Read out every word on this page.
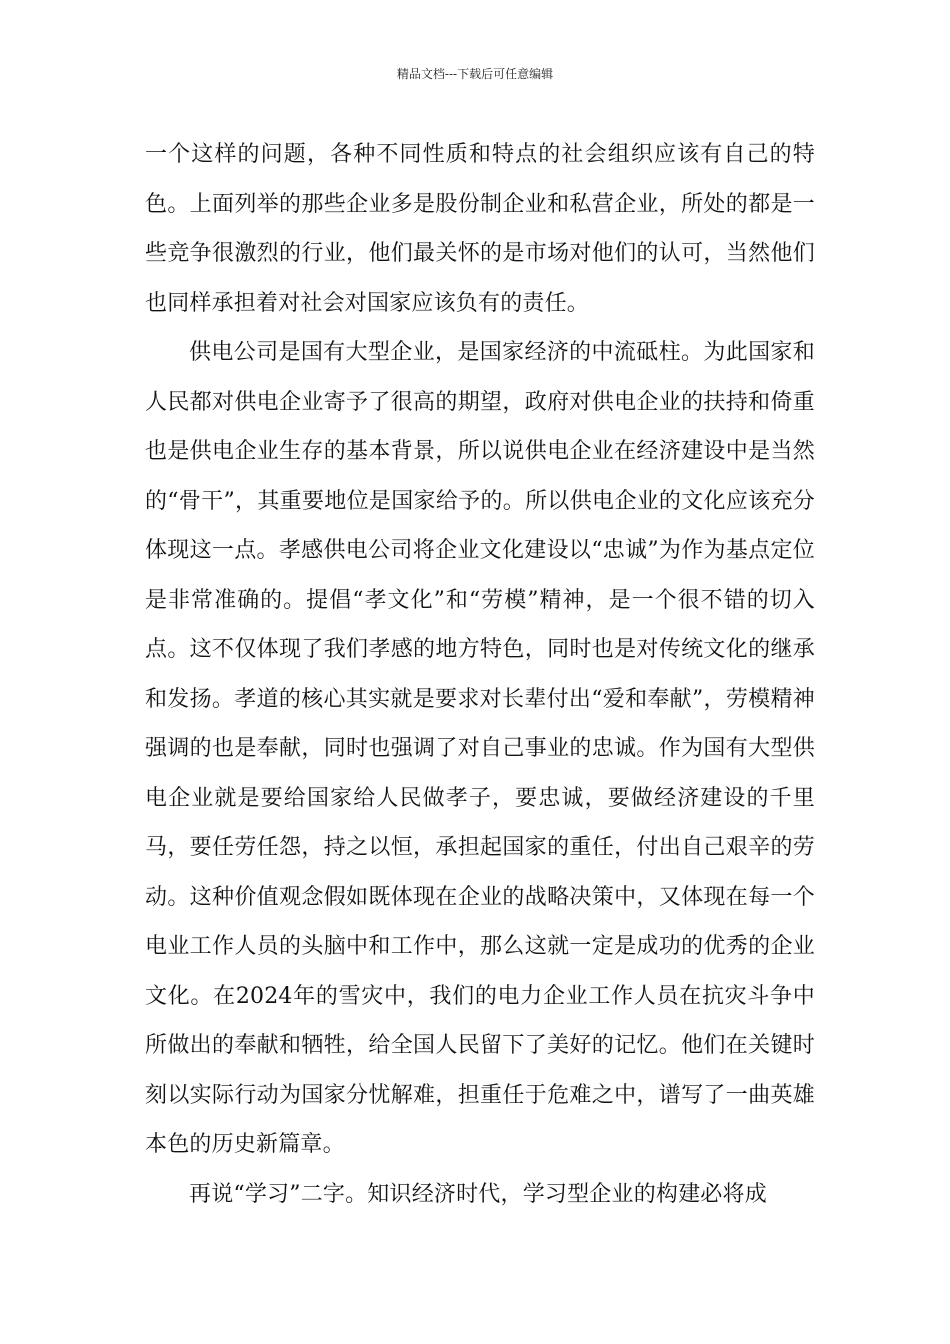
精品文档---下载后可任意编辑

一个这样的问题，各种不同性质和特点的社会组织应该有自己的特色。上面列举的那些企业多是股份制企业和私营企业，所处的都是一些竞争很激烈的行业，他们最关怀的是市场对他们的认可，当然他们也同样承担着对社会对国家应该负有的责任。

供电公司是国有大型企业，是国家经济的中流砥柱。为此国家和人民都对供电企业寄予了很高的期望，政府对供电企业的扶持和倚重也是供电企业生存的基本背景，所以说供电企业在经济建设中是当然的“骨干”，其重要地位是国家给予的。所以供电企业的文化应该充分体现这一点。孝感供电公司将企业文化建设以“忠诚”为作为基点定位是非常准确的。提倡“孝文化”和“劳模”精神，是一个很不错的切入点。这不仅体现了我们孝感的地方特色，同时也是对传统文化的继承和发扬。孝道的核心其实就是要求对长辈付出“爱和奉献”，劳模精神强调的也是奉献，同时也强调了对自己事业的忠诚。作为国有大型供电企业就是要给国家给人民做孝子，要忠诚，要做经济建设的千里马，要任劳任怨，持之以恒，承担起国家的重任，付出自己艰辛的劳动。这种价值观念假如既体现在企业的战略决策中，又体现在每一个电业工作人员的头脑中和工作中，那么这就一定是成功的优秀的企业文化。在2024年的雪灾中，我们的电力企业工作人员在抗灾斗争中所做出的奉献和牺牲，给全国人民留下了美好的记忆。他们在关键时刻以实际行动为国家分忧解难，担重任于危难之中，谱写了一曲英雄本色的历史新篇章。

再说“学习”二字。知识经济时代，学习型企业的构建必将成
